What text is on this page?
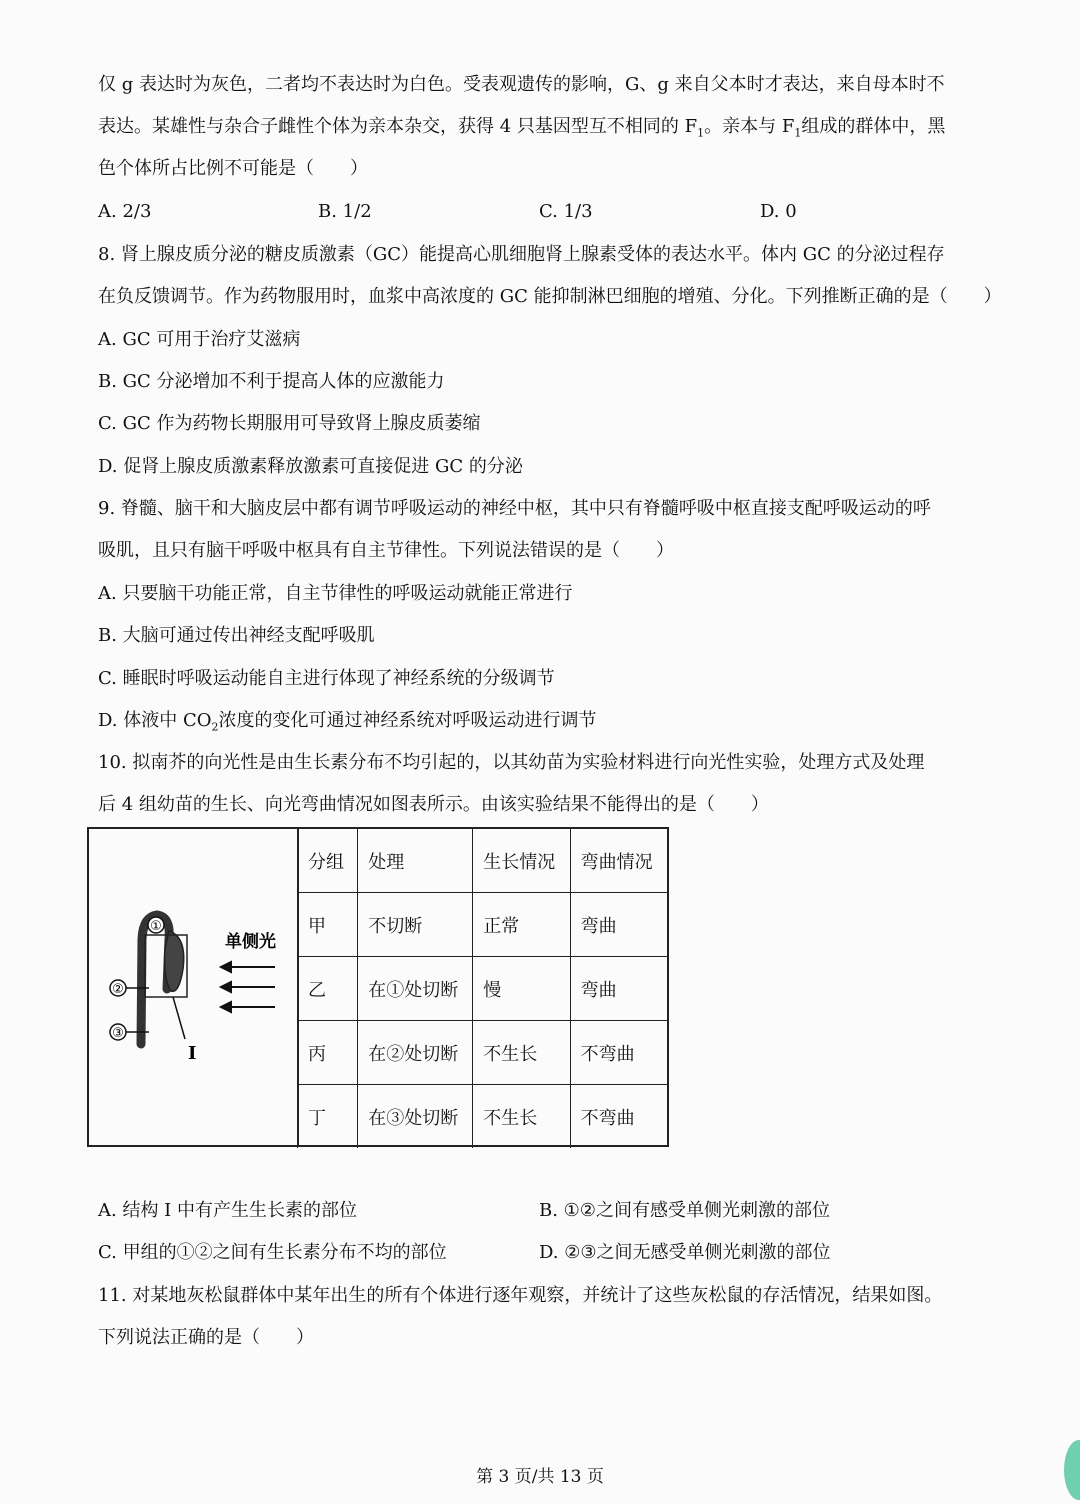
仅 g 表达时为灰色，二者均不表达时为白色。受表观遗传的影响，G、g 来自父本时才表达，来自母本时不
表达。某雄性与杂合子雌性个体为亲本杂交，获得 4 只基因型互不相同的 $F_1$。亲本与 $F_1$组成的群体中，黑
色个体所占比例不可能是（　　）
A. 2/3	B. 1/2	C. 1/3	D. 0
8. 肾上腺皮质分泌的糖皮质激素（GC）能提高心肌细胞肾上腺素受体的表达水平。体内 GC 的分泌过程存
在负反馈调节。作为药物服用时，血浆中高浓度的 GC 能抑制淋巴细胞的增殖、分化。下列推断正确的是（　　）
A. GC 可用于治疗艾滋病
B. GC 分泌增加不利于提高人体的应激能力
C. GC 作为药物长期服用可导致肾上腺皮质萎缩
D. 促肾上腺皮质激素释放激素可直接促进 GC 的分泌
9. 脊髓、脑干和大脑皮层中都有调节呼吸运动的神经中枢，其中只有脊髓呼吸中枢直接支配呼吸运动的呼
吸肌，且只有脑干呼吸中枢具有自主节律性。下列说法错误的是（　　）
A. 只要脑干功能正常，自主节律性的呼吸运动就能正常进行
B. 大脑可通过传出神经支配呼吸肌
C. 睡眠时呼吸运动能自主进行体现了神经系统的分级调节
D. 体液中 $CO_2$浓度的变化可通过神经系统对呼吸运动进行调节
10. 拟南芥的向光性是由生长素分布不均引起的，以其幼苗为实验材料进行向光性实验，处理方式及处理
后 4 组幼苗的生长、向光弯曲情况如图表所示。由该实验结果不能得出的是（　　）
①
②
③
I
单侧光
分组	处理	生长情况	弯曲情况
甲	不切断	正常	弯曲
乙	在①处切断	慢	弯曲
丙	在②处切断	不生长	不弯曲
丁	在③处切断	不生长	不弯曲
A. 结构 I 中有产生生长素的部位	B. ①②之间有感受单侧光刺激的部位
C. 甲组的①②之间有生长素分布不均的部位	D. ②③之间无感受单侧光刺激的部位
11. 对某地灰松鼠群体中某年出生的所有个体进行逐年观察，并统计了这些灰松鼠的存活情况，结果如图。
下列说法正确的是（　　）
第 3 页/共 13 页
